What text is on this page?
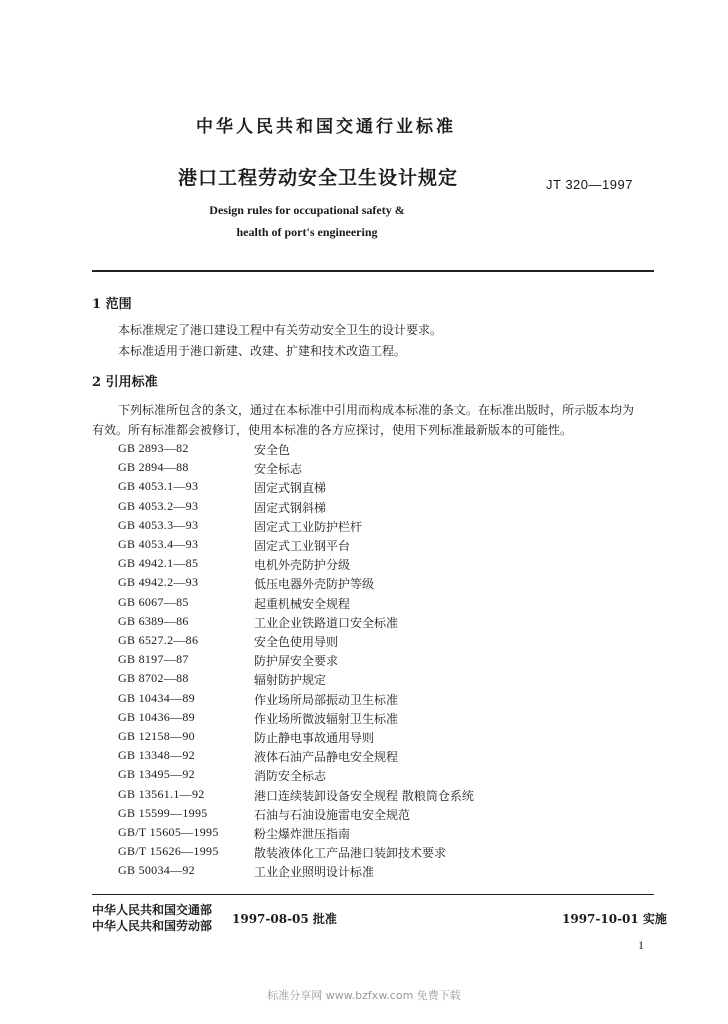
中华人民共和国交通行业标准
港口工程劳动安全卫生设计规定	JT 320—1997
Design rules for occupational safety &
health of port's engineering
1 范围
本标准规定了港口建设工程中有关劳动安全卫生的设计要求。
本标准适用于港口新建、改建、扩建和技术改造工程。
2 引用标准
下列标准所包含的条文，通过在本标准中引用而构成本标准的条文。在标准出版时，所示版本均为
有效。所有标准都会被修订，使用本标准的各方应探讨，使用下列标准最新版本的可能性。
GB 2893—82	安全色
GB 2894—88	安全标志
GB 4053.1—93	固定式钢直梯
GB 4053.2—93	固定式钢斜梯
GB 4053.3—93	固定式工业防护栏杆
GB 4053.4—93	固定式工业钢平台
GB 4942.1—85	电机外壳防护分级
GB 4942.2—93	低压电器外壳防护等级
GB 6067—85	起重机械安全规程
GB 6389—86	工业企业铁路道口安全标准
GB 6527.2—86	安全色使用导则
GB 8197—87	防护屏安全要求
GB 8702—88	辐射防护规定
GB 10434—89	作业场所局部振动卫生标准
GB 10436—89	作业场所微波辐射卫生标准
GB 12158—90	防止静电事故通用导则
GB 13348—92	液体石油产品静电安全规程
GB 13495—92	消防安全标志
GB 13561.1—92	港口连续装卸设备安全规程 散粮筒仓系统
GB 15599—1995	石油与石油设施雷电安全规范
GB/T 15605—1995	粉尘爆炸泄压指南
GB/T 15626—1995	散装液体化工产品港口装卸技术要求
GB 50034—92	工业企业照明设计标准
中华人民共和国交通部
中华人民共和国劳动部 1997-08-05 批准	1997-10-01 实施
1
标准分享网 www.bzfxw.com 免费下载
